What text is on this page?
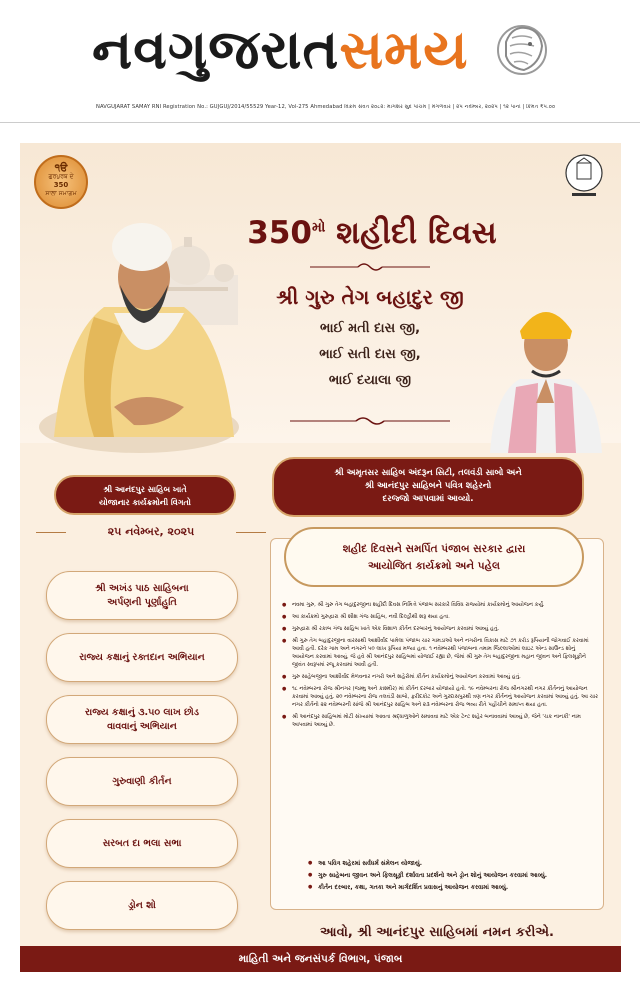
નવગુજરાતસમય
NAVGUJARAT SAMAY RNI Registration No.: GUJGUJ/2014/55529 Year-12, Vol-275 Ahmedabad વિક્રમ સંવત ૨૦૮૨: માગશર સુદ પાંચમ | મંગળવાર | ૨૫ નવેમ્બર, ૨૦૨૫ | ૧૨ પાનાં | કિંમત ₹૫.૦૦
੧ੳ
ਗੁਰਪੁਰਬ ਦੇ
350
ਸਾਲਾ ਸਮਾਗਮ
$350^{મો}$ શહીદી દિવસ
શ્રી ગુરુ તેગ બહાદુર જી
ભાઈ મતી દાસ જી,
ભાઈ સતી દાસ જી,
ભાઈ દયાલા જી
શ્રી આનંદપુર સાહિબ ખાતે
યોજાનાર કાર્યક્રમોની વિગતો
શ્રી અમૃતસર સાહિબ અંદરૂન સિટી, તલવંડી સાબો અને
શ્રી આનંદપુર સાહિબને પવિત્ર શહેરનો
દરજ્જો આપવામાં આવ્યો.
૨૫ નવેમ્બર, ૨૦૨૫
શ્રી અખંડ પાઠ સાહિબના
અર્પણની પૂર્ણાહુતિ
રાજ્ય કક્ષાનું રક્તદાન અભિયાન
રાજ્ય કક્ષાનું ૩.૫૦ લાખ છોડ
વાવવાનું અભિયાન
ગુરુવાણી કીર્તન
સરબત દા ભલા સભા
ડ્રોન શો
શહીદ દિવસને સમર્પિત પંજાબ સરકાર દ્વારા
આયોજિત કાર્યક્રમો અને પહેલ
● નવમા ગુરુ, શ્રી ગુરુ તેગ બહાદુરજીના શહીદી દિવસ નિમિત્તે પંજાબ સરકારે વિવિધ રાજ્યોમાં કાર્યક્રમોનું આયોજન કર્યું.
● આ કાર્યક્રમો ગુરુદ્વારા શ્રી શીશ ગંજ સાહિબ, નવી દિલ્હીથી શરૂ થયા હતા.
● ગુરુદ્વારા શ્રી રકાબ ગંજ સાહિબ ખાતે એક વિશાળ કીર્તન દરબારનું આયોજન કરવામાં આવ્યું હતું.
● શ્રી ગુરુ તેગ બહાદુરજીના વારસાથી આશીર્વાદ પામેલા પંજાબ ચાર ગામડાઓ અને નગરોના વિકાસ માટે ૭૧ કરોડ રૂપિયાની જોગવાઈ કરવામાં આવી હતી. દરેક ગામ અને નગરને ૫૦ લાખ રૂપિયા મળ્યા હતા. ૧ નવેમ્બરથી પંજાબના તમામ જિલ્લાઓમાં લાઇટ એન્ડ સાઉન્ડ શોનું આયોજન કરવામાં આવ્યું, જે હવે શ્રી આનંદપુર સાહિબમાં યોજાઈ રહ્યા છે, જેમાં શ્રી ગુરુ તેગ બહાદુરજીના મહાન જીવન અને ફિલસૂફીને જીવંત સ્વરૂપમાં રજૂ કરવામાં આવી હતી.
● ગુરુ સાહેબજીના આશીર્વાદ મેળવનાર નગરો અને શહેરોમાં કીર્તન કાર્યક્રમોનું આયોજન કરવામાં આવ્યું હતું.
● ૧૮ નવેમ્બરના રોજ શ્રીનગર (જમ્મુ અને કાશ્મીર) માં કીર્તન દરબાર યોજાયો હતો. ૧૯ નવેમ્બરના રોજ શ્રીનગરથી નગર કીર્તનનું આયોજન કરવામાં આવ્યું હતું. ૨૦ નવેમ્બરના રોજ તલવંડી સાબો, ફરીદકોટ અને ગુરદાસપુરથી ત્રણ નગર કીર્તનનું આયોજન કરવામાં આવ્યું હતું. આ ચાર નગર કીર્તનો ૨૨ નવેમ્બરની સાંજે શ્રી આનંદપુર સાહિબ અને ૨૩ નવેમ્બરના રોજ ભવ્ય રીતે પહોંચીને સમાપ્ત થયા હતા.
● શ્રી આનંદપુર સાહિબમાં મોટી સંખ્યામાં આવતા શ્રદ્ધાળુઓને સમાવવા માટે એક ટેન્ટ શહેર બનાવવામાં આવ્યું છે, જેને 'ચક નાનકી' નામ આપવામાં આવ્યું છે.
● આ પવિત્ર શહેરમાં સર્વધર્મ સંમેલન યોજાયું.
● ગુરુ સાહેબના જીવન અને ફિલસૂફી દર્શાવતા પ્રદર્શનો અને ડ્રોન શોનું આયોજન કરવામાં આવ્યું.
● કીર્તન દરબાર, કથા, ગતકા અને માર્ગદર્શિત પ્રવાસનું આયોજન કરવામાં આવ્યું.
આવો, શ્રી આનંદપુર સાહિબમાં નમન કરીએ.
માહિતી અને જનસંપર્ક વિભાગ, પંજાબ
